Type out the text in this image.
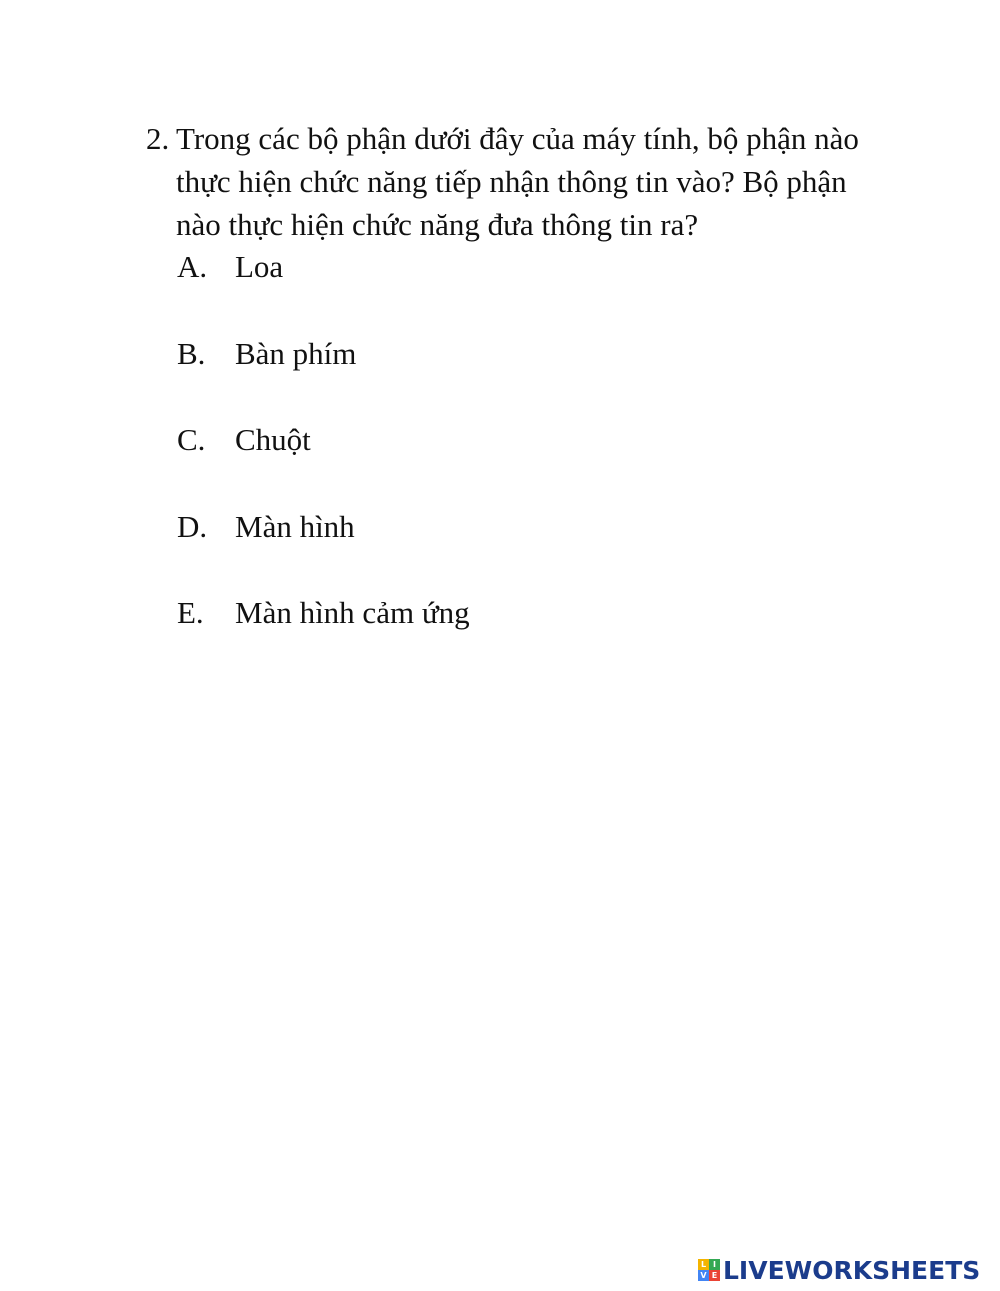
2. Trong các bộ phận dưới đây của máy tính, bộ phận nào thực hiện chức năng tiếp nhận thông tin vào? Bộ phận nào thực hiện chức năng đưa thông tin ra?
A. Loa
B. Bàn phím
C. Chuột
D. Màn hình
E.	Màn hình cảm ứng
L I
V E LIVEWORKSHEETS
